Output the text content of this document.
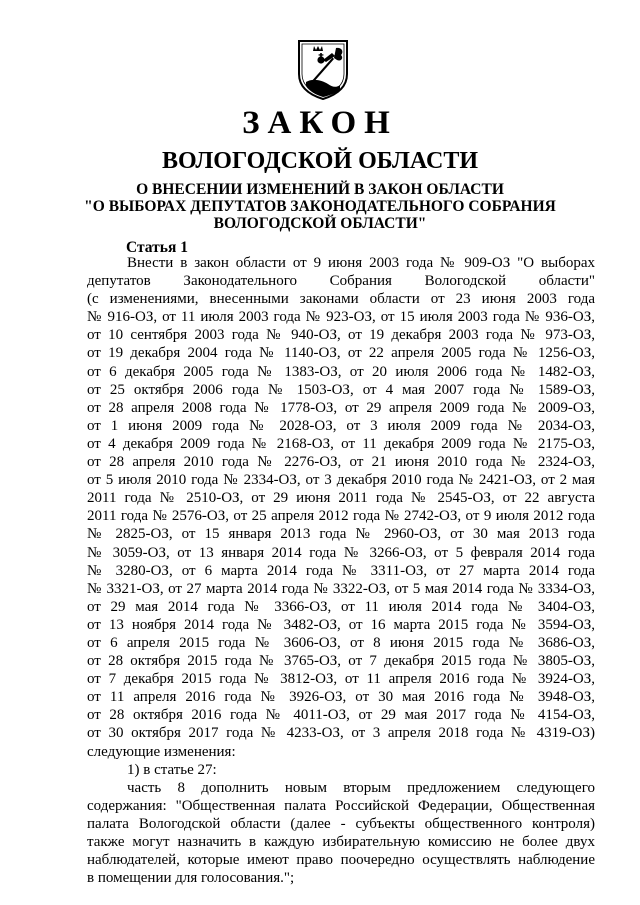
ЗАКОН
ВОЛОГОДСКОЙ ОБЛАСТИ
О ВНЕСЕНИИ ИЗМЕНЕНИЙ В ЗАКОН ОБЛАСТИ
"О ВЫБОРАХ ДЕПУТАТОВ ЗАКОНОДАТЕЛЬНОГО СОБРАНИЯ
ВОЛОГОДСКОЙ ОБЛАСТИ"
Статья 1
Внести в закон области от 9 июня 2003 года № 909-ОЗ "О выборах
депутатов Законодательного Собрания Вологодской области"
(с изменениями, внесенными законами области от 23 июня 2003 года
№ 916-ОЗ, от 11 июля 2003 года № 923-ОЗ, от 15 июля 2003 года № 936-ОЗ,
от 10 сентября 2003 года № 940-ОЗ, от 19 декабря 2003 года № 973-ОЗ,
от 19 декабря 2004 года № 1140-ОЗ, от 22 апреля 2005 года № 1256-ОЗ,
от 6 декабря 2005 года № 1383-ОЗ, от 20 июля 2006 года № 1482-ОЗ,
от 25 октября 2006 года № 1503-ОЗ, от 4 мая 2007 года № 1589-ОЗ,
от 28 апреля 2008 года № 1778-ОЗ, от 29 апреля 2009 года № 2009-ОЗ,
от 1 июня 2009 года № 2028-ОЗ, от 3 июля 2009 года № 2034-ОЗ,
от 4 декабря 2009 года № 2168-ОЗ, от 11 декабря 2009 года № 2175-ОЗ,
от 28 апреля 2010 года № 2276-ОЗ, от 21 июня 2010 года № 2324-ОЗ,
от 5 июля 2010 года № 2334-ОЗ, от 3 декабря 2010 года № 2421-ОЗ, от 2 мая
2011 года № 2510-ОЗ, от 29 июня 2011 года № 2545-ОЗ, от 22 августа
2011 года № 2576-ОЗ, от 25 апреля 2012 года № 2742-ОЗ, от 9 июля 2012 года
№ 2825-ОЗ, от 15 января 2013 года № 2960-ОЗ, от 30 мая 2013 года
№ 3059-ОЗ, от 13 января 2014 года № 3266-ОЗ, от 5 февраля 2014 года
№ 3280-ОЗ, от 6 марта 2014 года № 3311-ОЗ, от 27 марта 2014 года
№ 3321-ОЗ, от 27 марта 2014 года № 3322-ОЗ, от 5 мая 2014 года № 3334-ОЗ,
от 29 мая 2014 года № 3366-ОЗ, от 11 июля 2014 года № 3404-ОЗ,
от 13 ноября 2014 года № 3482-ОЗ, от 16 марта 2015 года № 3594-ОЗ,
от 6 апреля 2015 года № 3606-ОЗ, от 8 июня 2015 года № 3686-ОЗ,
от 28 октября 2015 года № 3765-ОЗ, от 7 декабря 2015 года № 3805-ОЗ,
от 7 декабря 2015 года № 3812-ОЗ, от 11 апреля 2016 года № 3924-ОЗ,
от 11 апреля 2016 года № 3926-ОЗ, от 30 мая 2016 года № 3948-ОЗ,
от 28 октября 2016 года № 4011-ОЗ, от 29 мая 2017 года № 4154-ОЗ,
от 30 октября 2017 года № 4233-ОЗ, от 3 апреля 2018 года № 4319-ОЗ)
следующие изменения:
1) в статье 27:
часть 8 дополнить новым вторым предложением следующего
содержания: "Общественная палата Российской Федерации, Общественная
палата Вологодской области (далее - субъекты общественного контроля)
также могут назначить в каждую избирательную комиссию не более двух
наблюдателей, которые имеют право поочередно осуществлять наблюдение
в помещении для голосования.";
